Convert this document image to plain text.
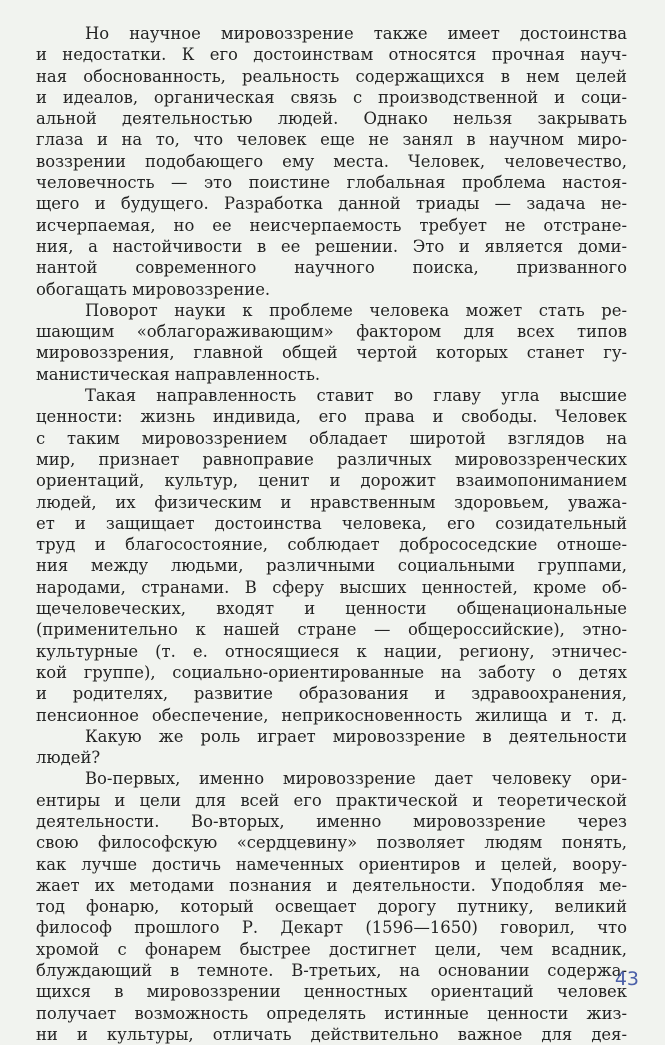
Но научное мировоззрение также имеет достоинства
и недостатки. К его достоинствам относятся прочная науч-
ная обоснованность, реальность содержащихся в нем целей
и идеалов, органическая связь с производственной и соци-
альной деятельностью людей. Однако нельзя закрывать
глаза и на то, что человек еще не занял в научном миро-
воззрении подобающего ему места. Человек, человечество,
человечность — это поистине глобальная проблема настоя-
щего и будущего. Разработка данной триады — задача не-
исчерпаемая, но ее неисчерпаемость требует не отстране-
ния, а настойчивости в ее решении. Это и является доми-
нантой современного научного поиска, призванного
обогащать мировоззрение.
Поворот науки к проблеме человека может стать ре-
шающим «облагораживающим» фактором для всех типов
мировоззрения, главной общей чертой которых станет гу-
манистическая направленность.
Такая направленность ставит во главу угла высшие
ценности: жизнь индивида, его права и свободы. Человек
с таким мировоззрением обладает широтой взглядов на
мир, признает равноправие различных мировоззренческих
ориентаций, культур, ценит и дорожит взаимопониманием
людей, их физическим и нравственным здоровьем, уважа-
ет и защищает достоинства человека, его созидательный
труд и благосостояние, соблюдает добрососедские отноше-
ния между людьми, различными социальными группами,
народами, странами. В сферу высших ценностей, кроме об-
щечеловеческих, входят и ценности общенациональные
(применительно к нашей стране — общероссийские), этно-
культурные (т. е. относящиеся к нации, региону, этничес-
кой группе), социально-ориентированные на заботу о детях
и родителях, развитие образования и здравоохранения,
пенсионное обеспечение, неприкосновенность жилища и т. д.
Какую же роль играет мировоззрение в деятельности
людей?
Во-первых, именно мировоззрение дает человеку ори-
ентиры и цели для всей его практической и теоретической
деятельности. Во-вторых, именно мировоззрение через
свою философскую «сердцевину» позволяет людям понять,
как лучше достичь намеченных ориентиров и целей, воору-
жает их методами познания и деятельности. Уподобляя ме-
тод фонарю, который освещает дорогу путнику, великий
философ прошлого Р. Декарт (1596—1650) говорил, что
хромой с фонарем быстрее достигнет цели, чем всадник,
блуждающий в темноте. В-третьих, на основании содержа-
щихся в мировоззрении ценностных ориентаций человек
получает возможность определять истинные ценности жиз-
ни и культуры, отличать действительно важное для дея-
43
